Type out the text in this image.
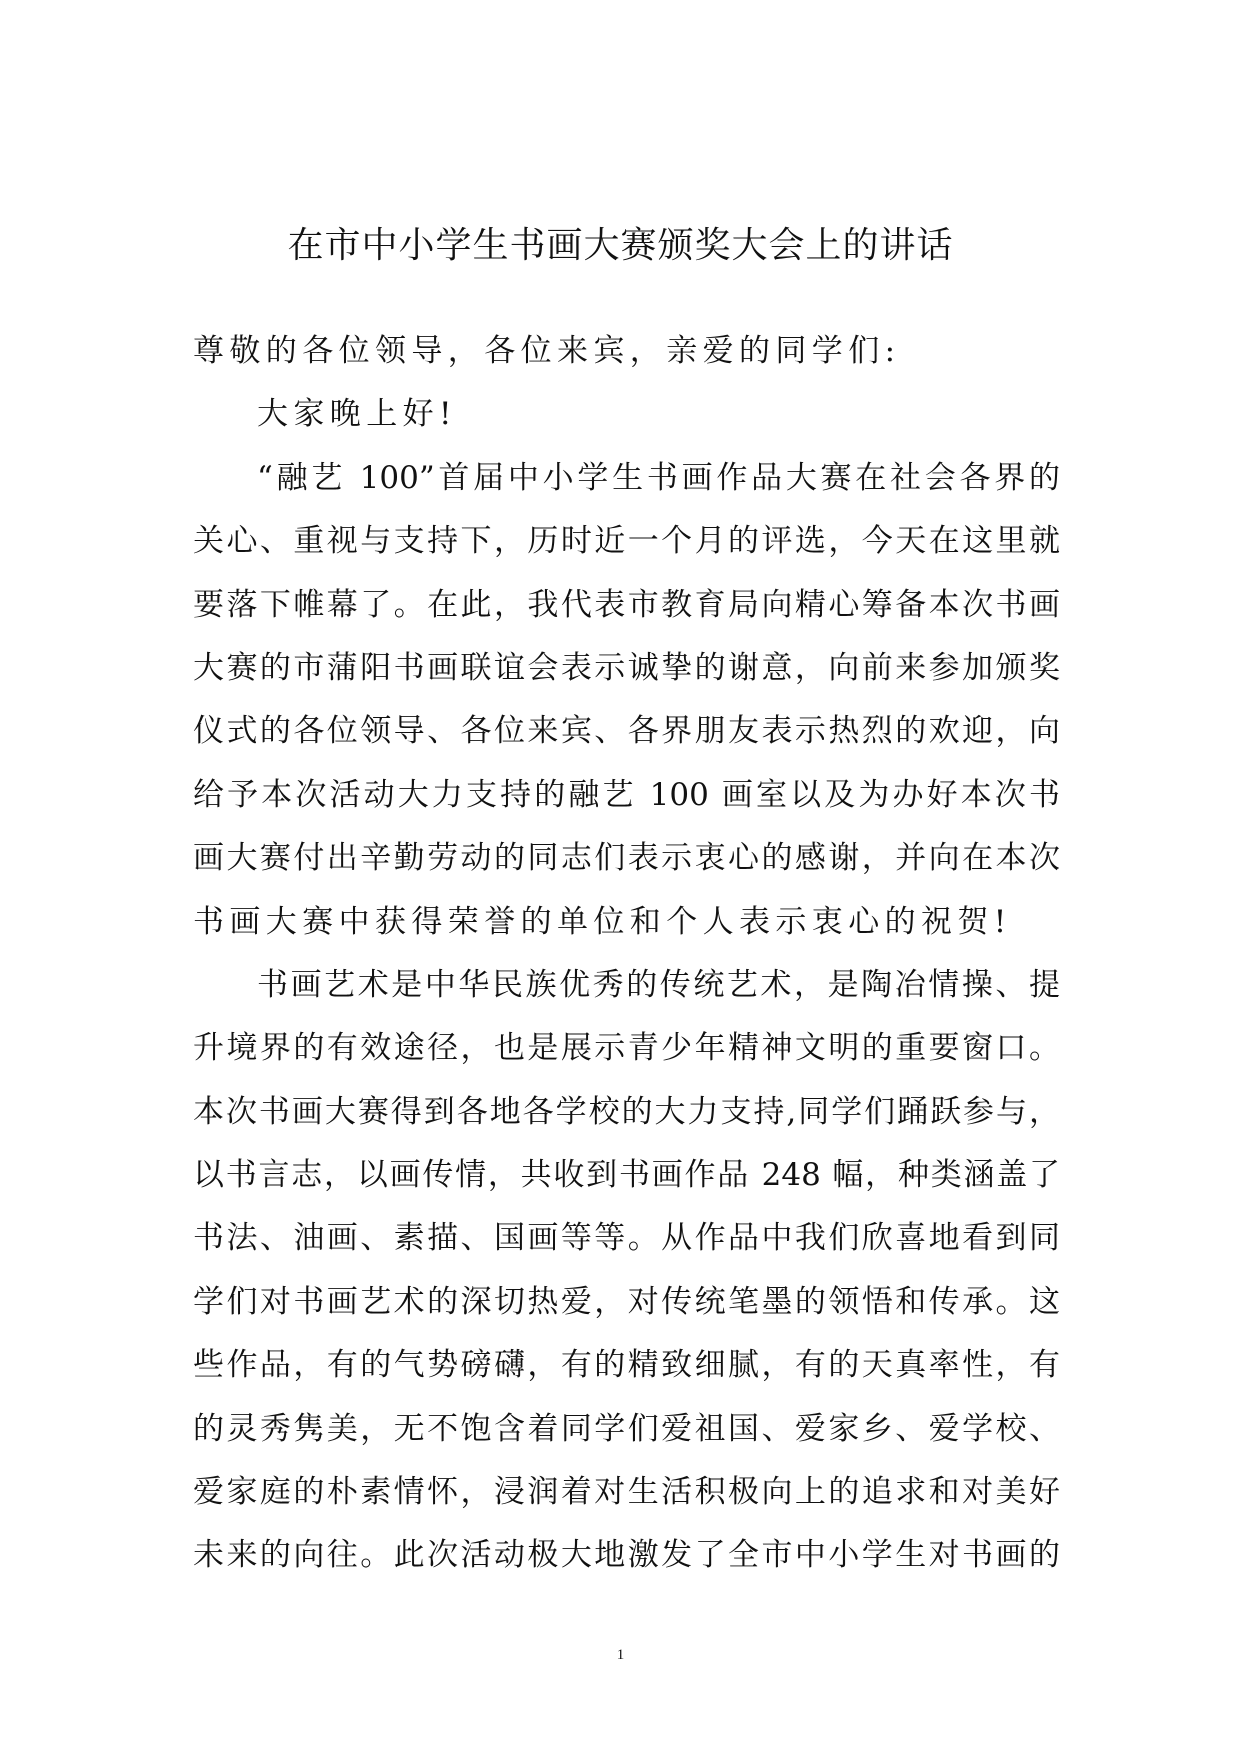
在市中小学生书画大赛颁奖大会上的讲话
尊敬的各位领导，各位来宾，亲爱的同学们:
大家晚上好!
“融艺 100”首届中小学生书画作品大赛在社会各界的
关心、重视与支持下，历时近一个月的评选，今天在这里就
要落下帷幕了。在此，我代表市教育局向精心筹备本次书画
大赛的市蒲阳书画联谊会表示诚挚的谢意，向前来参加颁奖
仪式的各位领导、各位来宾、各界朋友表示热烈的欢迎，向
给予本次活动大力支持的融艺 100 画室以及为办好本次书
画大赛付出辛勤劳动的同志们表示衷心的感谢，并向在本次
书画大赛中获得荣誉的单位和个人表示衷心的祝贺!
书画艺术是中华民族优秀的传统艺术，是陶冶情操、提
升境界的有效途径，也是展示青少年精神文明的重要窗口。
本次书画大赛得到各地各学校的大力支持,同学们踊跃参与，
以书言志，以画传情，共收到书画作品 248 幅，种类涵盖了
书法、油画、素描、国画等等。从作品中我们欣喜地看到同
学们对书画艺术的深切热爱，对传统笔墨的领悟和传承。这
些作品，有的气势磅礴，有的精致细腻，有的天真率性，有
的灵秀隽美，无不饱含着同学们爱祖国、爱家乡、爱学校、
爱家庭的朴素情怀，浸润着对生活积极向上的追求和对美好
未来的向往。此次活动极大地激发了全市中小学生对书画的
1
